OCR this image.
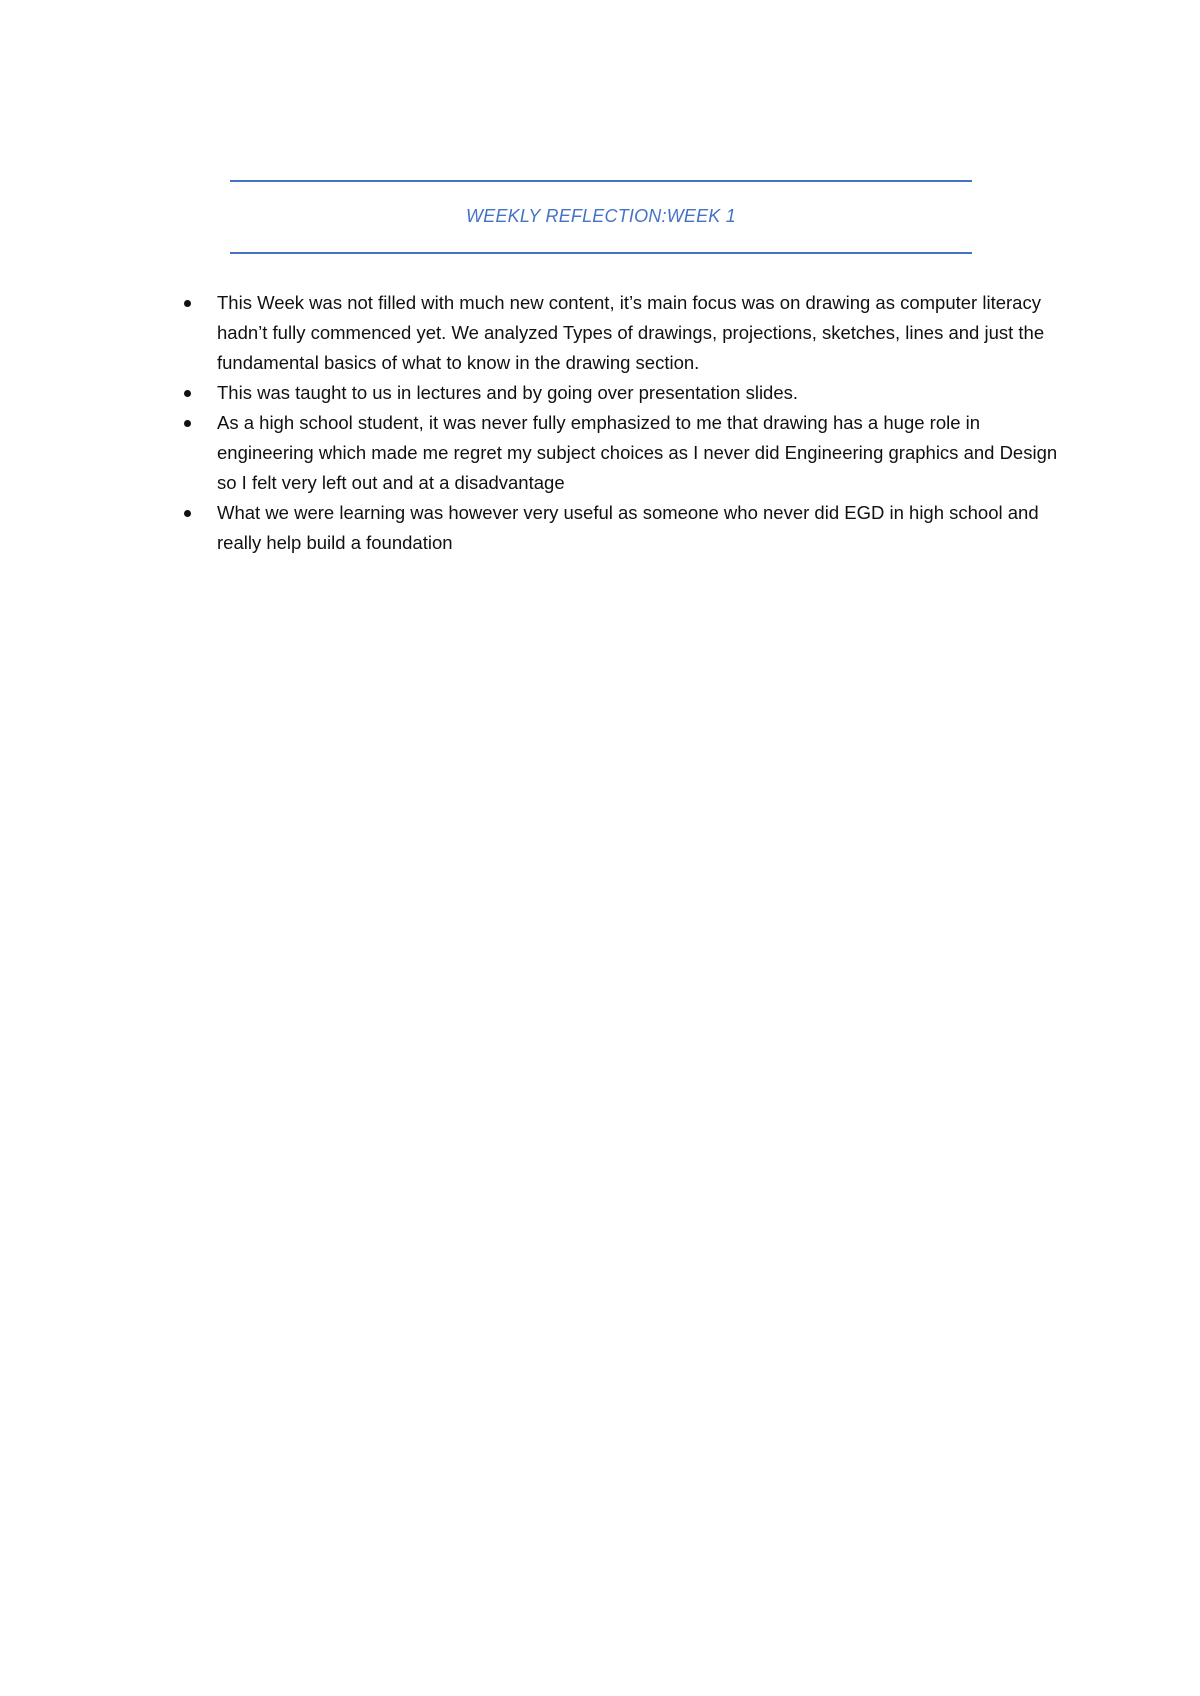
WEEKLY REFLECTION:WEEK 1
This Week was not filled with much new content, it’s main focus was on drawing as computer literacy hadn’t fully commenced yet. We analyzed Types of drawings, projections, sketches, lines and just the fundamental basics of what to know in the drawing section.
This was taught to us in lectures and by going over presentation slides.
As a high school student, it was never fully emphasized to me that drawing has a huge role in engineering which made me regret my subject choices as I never did Engineering graphics and Design so I felt very left out and at a disadvantage
What we were learning was however very useful as someone who never did EGD in high school and really help build a foundation
